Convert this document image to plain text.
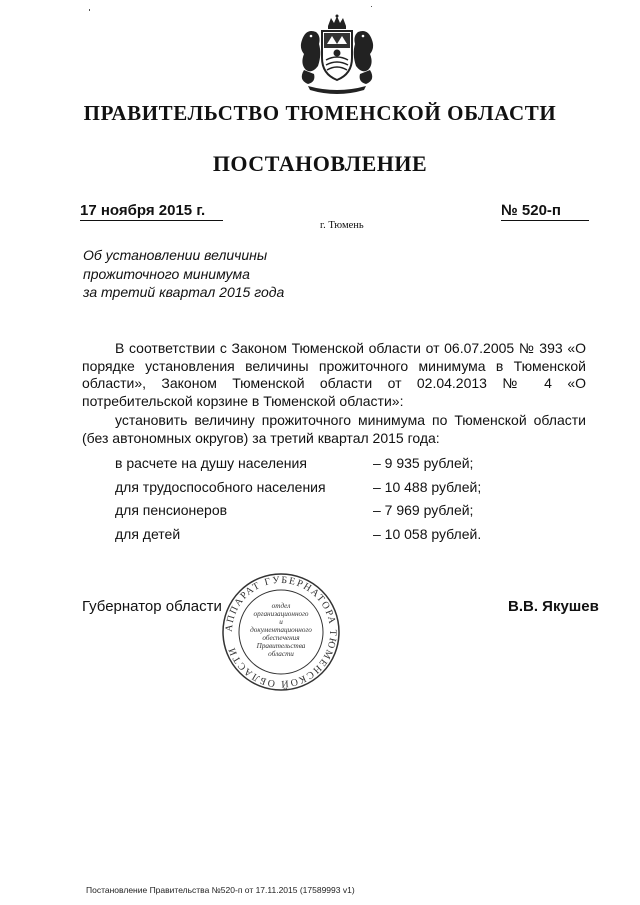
ПРАВИТЕЛЬСТВО ТЮМЕНСКОЙ ОБЛАСТИ
ПОСТАНОВЛЕНИЕ
17 ноября 2015 г.	№ 520-п
г. Тюмень
Об установлении величины
прожиточного минимума
за третий квартал 2015 года
В соответствии с Законом Тюменской области от 06.07.2005 № 393 «О порядке установления величины прожиточного минимума в Тюменской области», Законом Тюменской области от 02.04.2013 № 4 «О потребительской корзине в Тюменской области»:
установить величину прожиточного минимума по Тюменской области (без автономных округов) за третий квартал 2015 года:
в расчете на душу населения	– 9 935 рублей;
для трудоспособного населения	– 10 488 рублей;
для пенсионеров	– 7 969 рублей;
для детей	– 10 058 рублей.
Губернатор области	В.В. Якушев
АППАРАТ ГУБЕРНАТОРА ТЮМЕНСКОЙ ОБЛАСТИ
отдел
организационного
и
документационного
обеспечения
Правительства
области
Постановление Правительства №520-п от 17.11.2015 (17589993 v1)
